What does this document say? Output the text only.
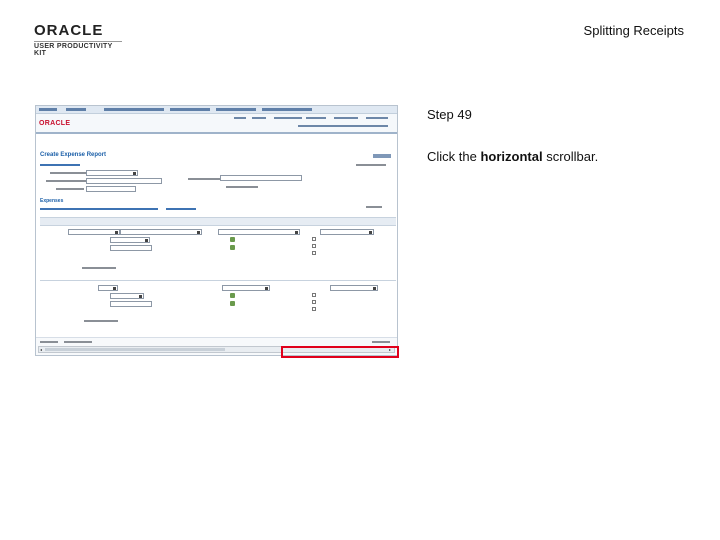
ORACLE
USER PRODUCTIVITY KIT
Splitting Receipts
Step 49
Click the horizontal scrollbar.
ORACLE
Create Expense Report
Expenses
◂	▸
